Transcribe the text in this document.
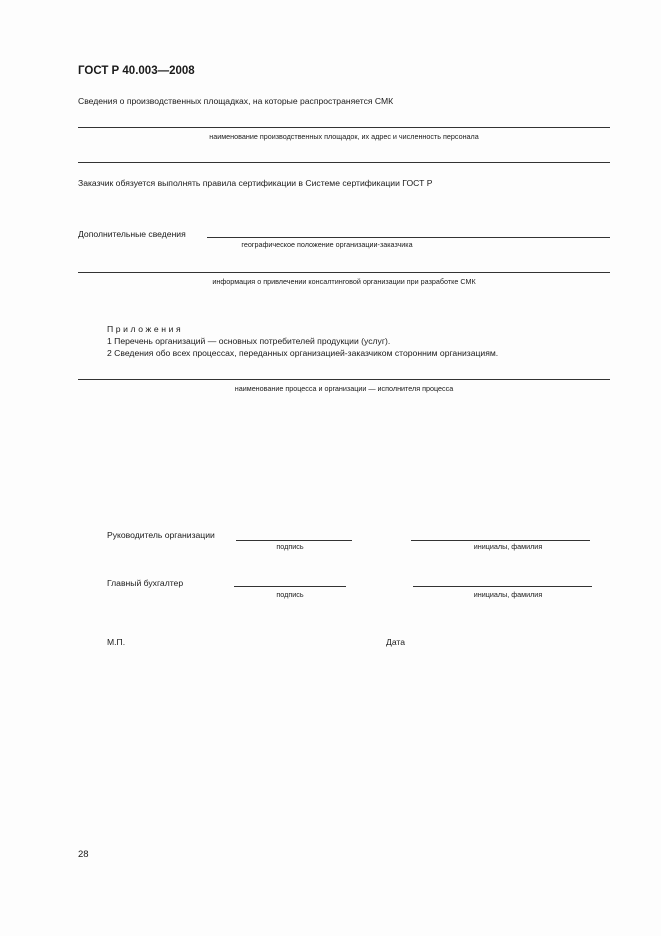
ГОСТ Р 40.003—2008
Сведения о производственных площадках, на которые распространяется СМК
наименование производственных площадок, их адрес и численность персонала
Заказчик обязуется выполнять правила сертификации в Системе сертификации ГОСТ Р
Дополнительные сведения
географическое положение организации-заказчика
информация о привлечении консалтинговой организации при разработке СМК
Приложения
1 Перечень организаций — основных потребителей продукции (услуг).
2 Сведения обо всех процессах, переданных организацией-заказчиком сторонним организациям.
наименование процесса и организации — исполнителя процесса
Руководитель организации
подпись	инициалы, фамилия
Главный бухгалтер
подпись	инициалы, фамилия
М.П.	Дата
28
